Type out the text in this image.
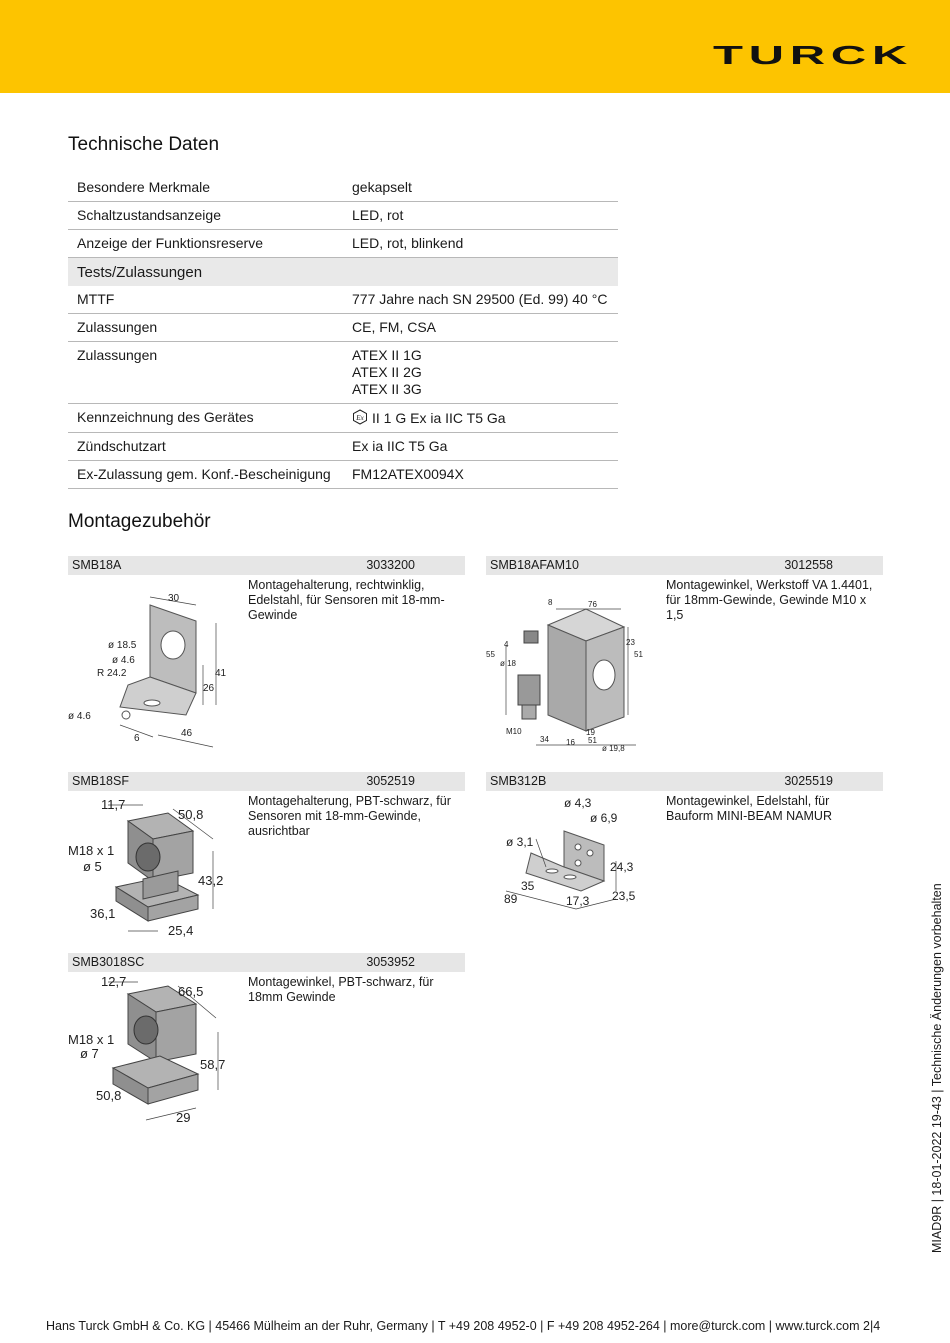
TURCK
Technische Daten
Besondere Merkmale	gekapselt
Schaltzustandsanzeige	LED, rot
Anzeige der Funktionsreserve	LED, rot, blinkend
Tests/Zulassungen	
MTTF	777 Jahre nach SN 29500 (Ed. 99) 40 °C
Zulassungen	CE, FM, CSA
Zulassungen	ATEX II 1G
ATEX II 2G
ATEX II 3G

Kennzeichnung des Gerätes	Ex II 1 G Ex ia IIC T5 Ga
Zündschutzart	Ex ia IIC T5 Ga
Ex-Zulassung gem. Konf.-Bescheinigung	FM12ATEX0094X
Montagezubehör
SMB18A	3033200
Montagehalterung, rechtwinklig, Edelstahl, für Sensoren mit 18-mm-Gewinde
30
ø 18.5
ø 4.6
R 24.2	41
26
ø 4.6
6	46
SMB18AFAM10	3012558
Montagewinkel, Werkstoff VA 1.4401, für 18mm-Gewinde, Gewinde M10 x 1,5
8	76
4
55
ø 18
23
51
M10
34 16
19
51
ø 19,8
SMB18SF	3052519
Montagehalterung, PBT-schwarz, für Sensoren mit 18-mm-Gewinde, ausrichtbar
11,7
50,8
M18 x 1
ø 5
43,2
36,1
25,4
SMB312B	3025519
Montagewinkel, Edelstahl, für Bauform MINI-BEAM NAMUR
ø 4,3
ø 3,1
ø 6,9
24,3
35
89	17,3 23,5
SMB3018SC	3053952
Montagewinkel, PBT-schwarz, für 18mm Gewinde
12,7
66,5
M18 x 1
ø 7
58,7
50,8
29	MIAD9R | 18-01-2022 19-43 | Technische Änderungen vorbehalten
Hans Turck GmbH & Co. KG | 45466 Mülheim an der Ruhr, Germany | T +49 208 4952-0 | F +49 208 4952-264 | more@turck.com | www.turck.com 2|4
